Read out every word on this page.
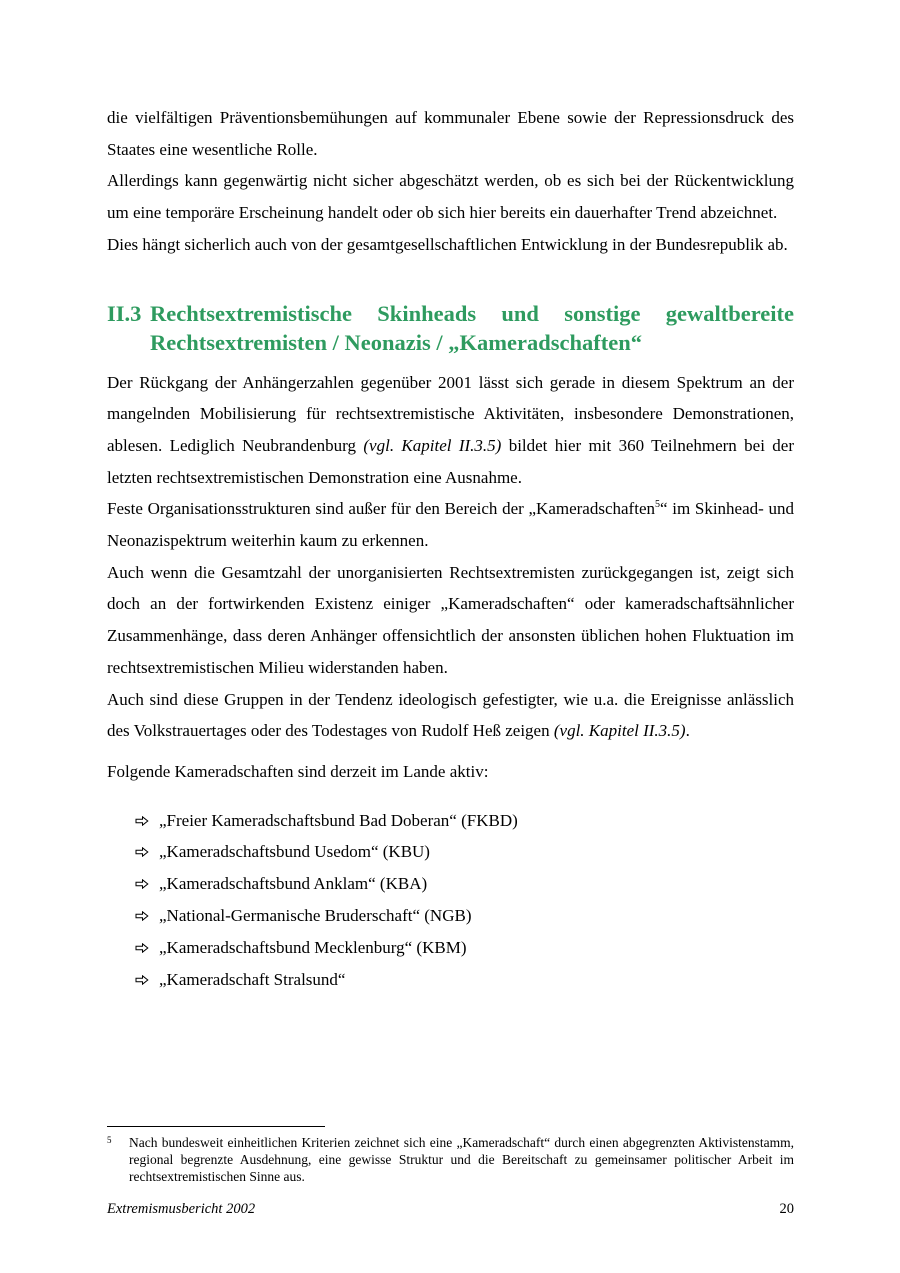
die vielfältigen Präventionsbemühungen auf kommunaler Ebene sowie der Repressionsdruck des Staates eine wesentliche Rolle.

Allerdings kann gegenwärtig nicht sicher abgeschätzt werden, ob es sich bei der Rückentwicklung um eine temporäre Erscheinung handelt oder ob sich hier bereits ein dauerhafter Trend abzeichnet.

Dies hängt sicherlich auch von der gesamtgesellschaftlichen Entwicklung in der Bundesrepublik ab.

II.3 Rechtsextremistische Skinheads und sonstige gewaltbereite
Rechtsextremisten / Neonazis / „Kameradschaften“

Der Rückgang der Anhängerzahlen gegenüber 2001 lässt sich gerade in diesem Spektrum an der mangelnden Mobilisierung für rechtsextremistische Aktivitäten, insbesondere Demonstrationen, ablesen. Lediglich Neubrandenburg (vgl. Kapitel II.3.5) bildet hier mit 360 Teilnehmern bei der letzten rechtsextremistischen Demonstration eine Ausnahme.

Feste Organisationsstrukturen sind außer für den Bereich der „Kameradschaften$^5$“ im Skinhead- und Neonazispektrum weiterhin kaum zu erkennen.

Auch wenn die Gesamtzahl der unorganisierten Rechtsextremisten zurückgegangen ist, zeigt sich doch an der fortwirkenden Existenz einiger „Kameradschaften“ oder kameradschaftsähnlicher Zusammenhänge, dass deren Anhänger offensichtlich der ansonsten üblichen hohen Fluktuation im rechtsextremistischen Milieu widerstanden haben.

Auch sind diese Gruppen in der Tendenz ideologisch gefestigter, wie u.a. die Ereignisse anlässlich des Volkstrauertages oder des Todestages von Rudolf Heß zeigen (vgl. Kapitel II.3.5).

Folgende Kameradschaften sind derzeit im Lande aktiv:

„Freier Kameradschaftsbund Bad Doberan“ (FKBD)
„Kameradschaftsbund Usedom“ (KBU)
„Kameradschaftsbund Anklam“ (KBA)
„National-Germanische Bruderschaft“ (NGB)
„Kameradschaftsbund Mecklenburg“ (KBM)
„Kameradschaft Stralsund“
5	Nach bundesweit einheitlichen Kriterien zeichnet sich eine „Kameradschaft“ durch einen abgegrenzten Aktivistenstamm, regional begrenzte Ausdehnung, eine gewisse Struktur und die Bereitschaft zu gemeinsamer politischer Arbeit im rechtsextremistischen Sinne aus.
Extremismusbericht 2002	20
